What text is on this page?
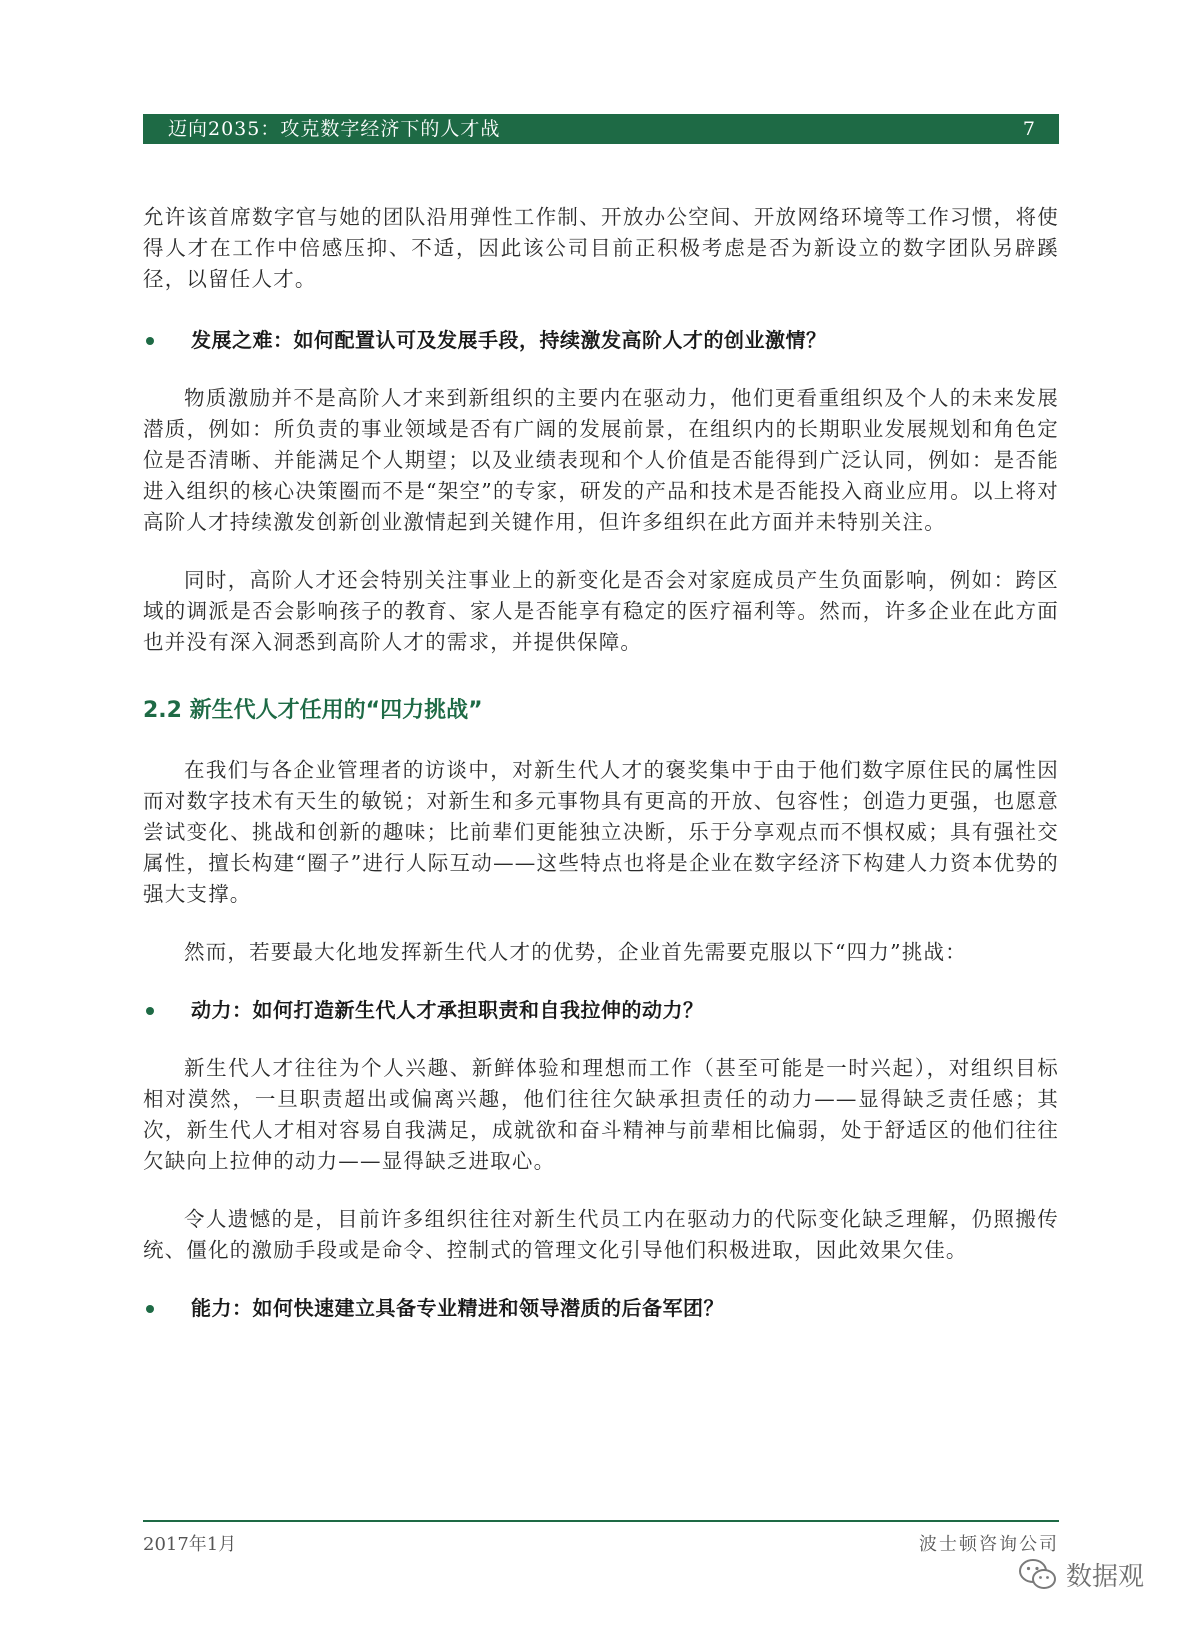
迈向2035：攻克数字经济下的人才战	7

允许该首席数字官与她的团队沿用弹性工作制、开放办公空间、开放网络环境等工作习惯，将使得人才在工作中倍感压抑、不适，因此该公司目前正积极考虑是否为新设立的数字团队另辟蹊径，以留任人才。

发展之难：如何配置认可及发展手段，持续激发高阶人才的创业激情？

物质激励并不是高阶人才来到新组织的主要内在驱动力，他们更看重组织及个人的未来发展潜质，例如：所负责的事业领域是否有广阔的发展前景，在组织内的长期职业发展规划和角色定位是否清晰、并能满足个人期望；以及业绩表现和个人价值是否能得到广泛认同，例如：是否能进入组织的核心决策圈而不是“架空”的专家，研发的产品和技术是否能投入商业应用。以上将对高阶人才持续激发创新创业激情起到关键作用，但许多组织在此方面并未特别关注。

同时，高阶人才还会特别关注事业上的新变化是否会对家庭成员产生负面影响，例如：跨区域的调派是否会影响孩子的教育、家人是否能享有稳定的医疗福利等。然而，许多企业在此方面也并没有深入洞悉到高阶人才的需求，并提供保障。

2.2 新生代人才任用的“四力挑战”

在我们与各企业管理者的访谈中，对新生代人才的褒奖集中于由于他们数字原住民的属性因而对数字技术有天生的敏锐；对新生和多元事物具有更高的开放、包容性；创造力更强，也愿意尝试变化、挑战和创新的趣味；比前辈们更能独立决断，乐于分享观点而不惧权威；具有强社交属性，擅长构建“圈子”进行人际互动——这些特点也将是企业在数字经济下构建人力资本优势的强大支撑。

然而，若要最大化地发挥新生代人才的优势，企业首先需要克服以下“四力”挑战：

动力：如何打造新生代人才承担职责和自我拉伸的动力？

新生代人才往往为个人兴趣、新鲜体验和理想而工作（甚至可能是一时兴起），对组织目标相对漠然，一旦职责超出或偏离兴趣，他们往往欠缺承担责任的动力——显得缺乏责任感；其次，新生代人才相对容易自我满足，成就欲和奋斗精神与前辈相比偏弱，处于舒适区的他们往往欠缺向上拉伸的动力——显得缺乏进取心。

令人遗憾的是，目前许多组织往往对新生代员工内在驱动力的代际变化缺乏理解，仍照搬传统、僵化的激励手段或是命令、控制式的管理文化引导他们积极进取，因此效果欠佳。

能力：如何快速建立具备专业精进和领导潜质的后备军团？
2017年1月	波士顿咨询公司
数据观
